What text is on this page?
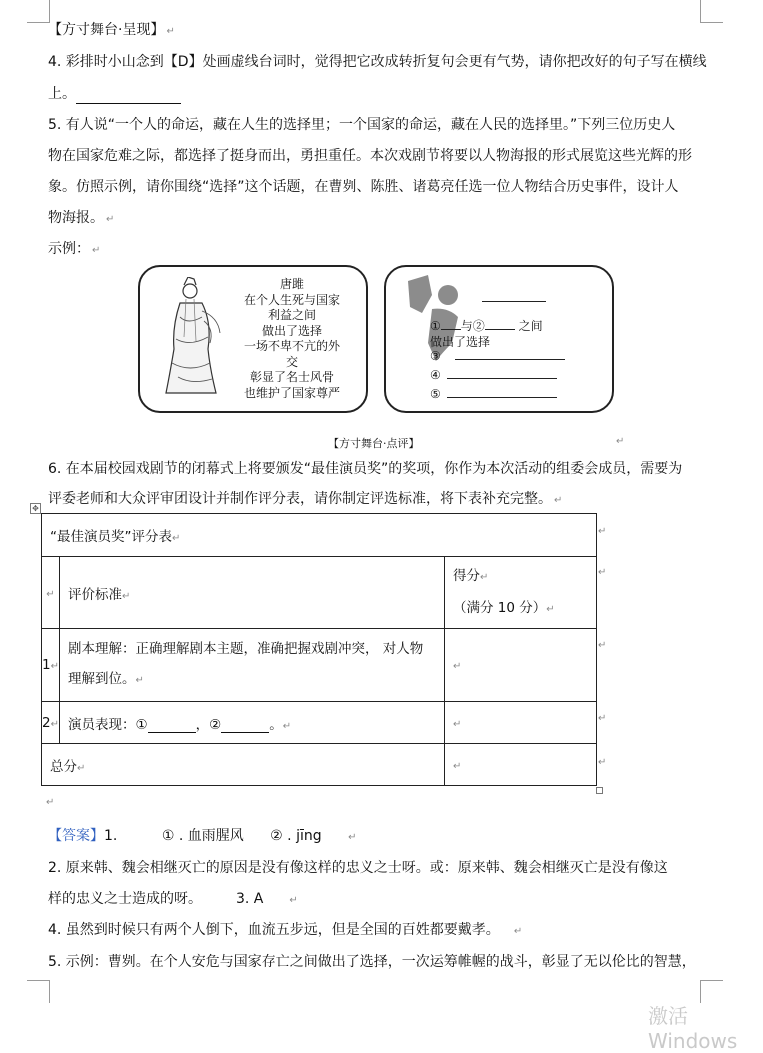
【方寸舞台·呈现】 ↵
4. 彩排时小山念到【D】处画虚线台词时，觉得把它改成转折复句会更有气势，请你把改好的句子写在横线
上。
5. 有人说“一个人的命运，藏在人生的选择里；一个国家的命运，藏在人民的选择里。”下列三位历史人
物在国家危难之际，都选择了挺身而出，勇担重任。本次戏剧节将要以人物海报的形式展览这些光辉的形
象。仿照示例，请你围绕“选择”这个话题，在曹刿、陈胜、诸葛亮任选一位人物结合历史事件，设计人
物海报。 ↵
示例： ↵
唐雎
在个人生死与国家
利益之间
做出了选择
一场不卑不亢的外
交
彰显了名士风骨
也维护了国家尊严
① 与②	之间
做出了选择
③
④
⑤
【方寸舞台·点评】	↵
6. 在本届校园戏剧节的闭幕式上将要颁发“最佳演员奖”的奖项，你作为本次活动的组委会成员，需要为
评委老师和大众评审团设计并制作评分表，请你制定评选标准，将下表补充完整。 ↵
✥
“最佳演员奖”评分表↵		
↵	评价标准↵	得分↵
（满分 10 分）↵

1↵	剧本理解：正确理解剧本主题，准确把握戏剧冲突， 对人物
理解到位。↵	↵
2↵	演员表现：① ，② 。↵	↵
总分↵		↵
↵
↵
↵
↵
↵
↵
【答案】1.	① . 血雨腥风 ② . jīng	↵
2. 原来韩、魏会相继灭亡的原因是没有像这样的忠义之士呀。或：原来韩、魏会相继灭亡是没有像这
样的忠义之士造成的呀。 3. A	↵
4. 虽然到时候只有两个人倒下，血流五步远，但是全国的百姓都要戴孝。 ↵
5. 示例：曹刿。在个人安危与国家存亡之间做出了选择，一次运筹帷幄的战斗，彰显了无以伦比的智慧，
激活 Windows
